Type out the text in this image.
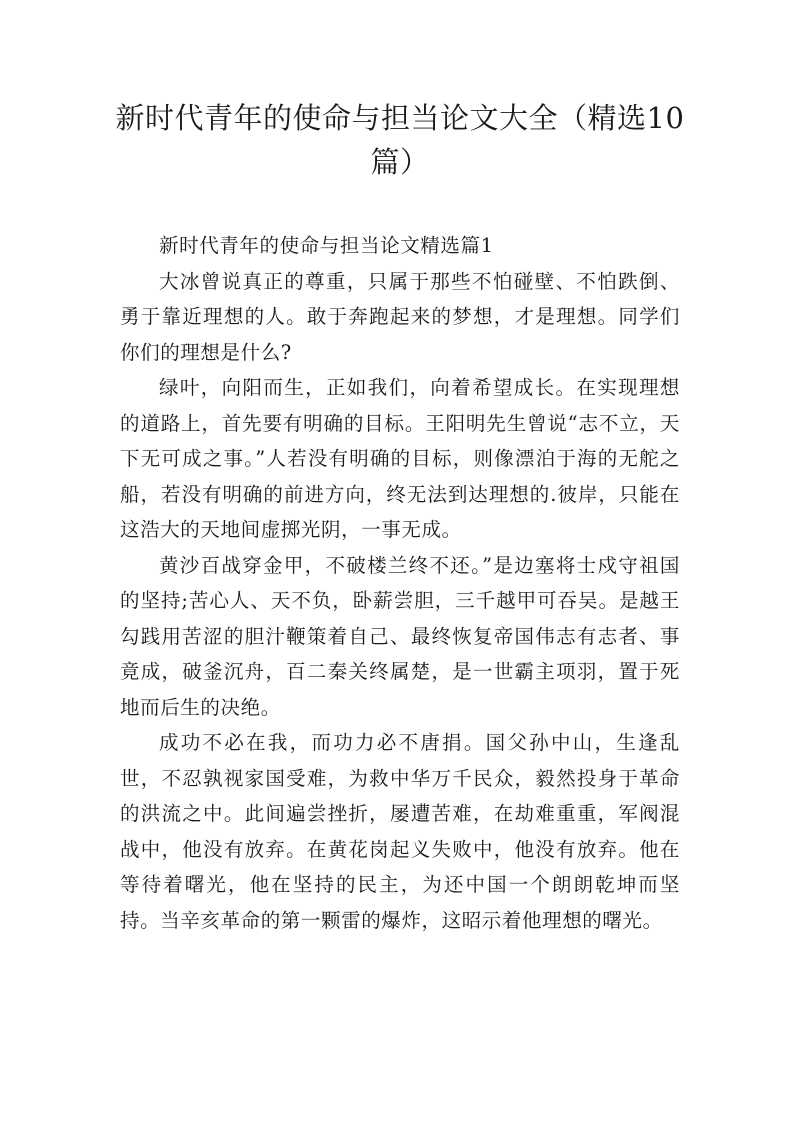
新时代青年的使命与担当论文大全（精选10篇）

新时代青年的使命与担当论文精选篇1

大冰曾说真正的尊重，只属于那些不怕碰壁、不怕跌倒、勇于靠近理想的人。敢于奔跑起来的梦想，才是理想。同学们你们的理想是什么?

绿叶，向阳而生，正如我们，向着希望成长。在实现理想的道路上，首先要有明确的目标。王阳明先生曾说“志不立，天下无可成之事。”人若没有明确的目标，则像漂泊于海的无舵之船，若没有明确的前进方向，终无法到达理想的.彼岸，只能在这浩大的天地间虚掷光阴，一事无成。

黄沙百战穿金甲，不破楼兰终不还。”是边塞将士戍守祖国的坚持;苦心人、天不负，卧薪尝胆，三千越甲可吞吴。是越王勾践用苦涩的胆汁鞭策着自己、最终恢复帝国伟志有志者、事竟成，破釜沉舟，百二秦关终属楚，是一世霸主项羽，置于死地而后生的决绝。

成功不必在我，而功力必不唐捐。国父孙中山，生逢乱世，不忍孰视家国受难，为救中华万千民众，毅然投身于革命的洪流之中。此间遍尝挫折，屡遭苦难，在劫难重重，军阀混战中，他没有放弃。在黄花岗起义失败中，他没有放弃。他在等待着曙光，他在坚持的民主，为还中国一个朗朗乾坤而坚持。当辛亥革命的第一颗雷的爆炸，这昭示着他理想的曙光。
